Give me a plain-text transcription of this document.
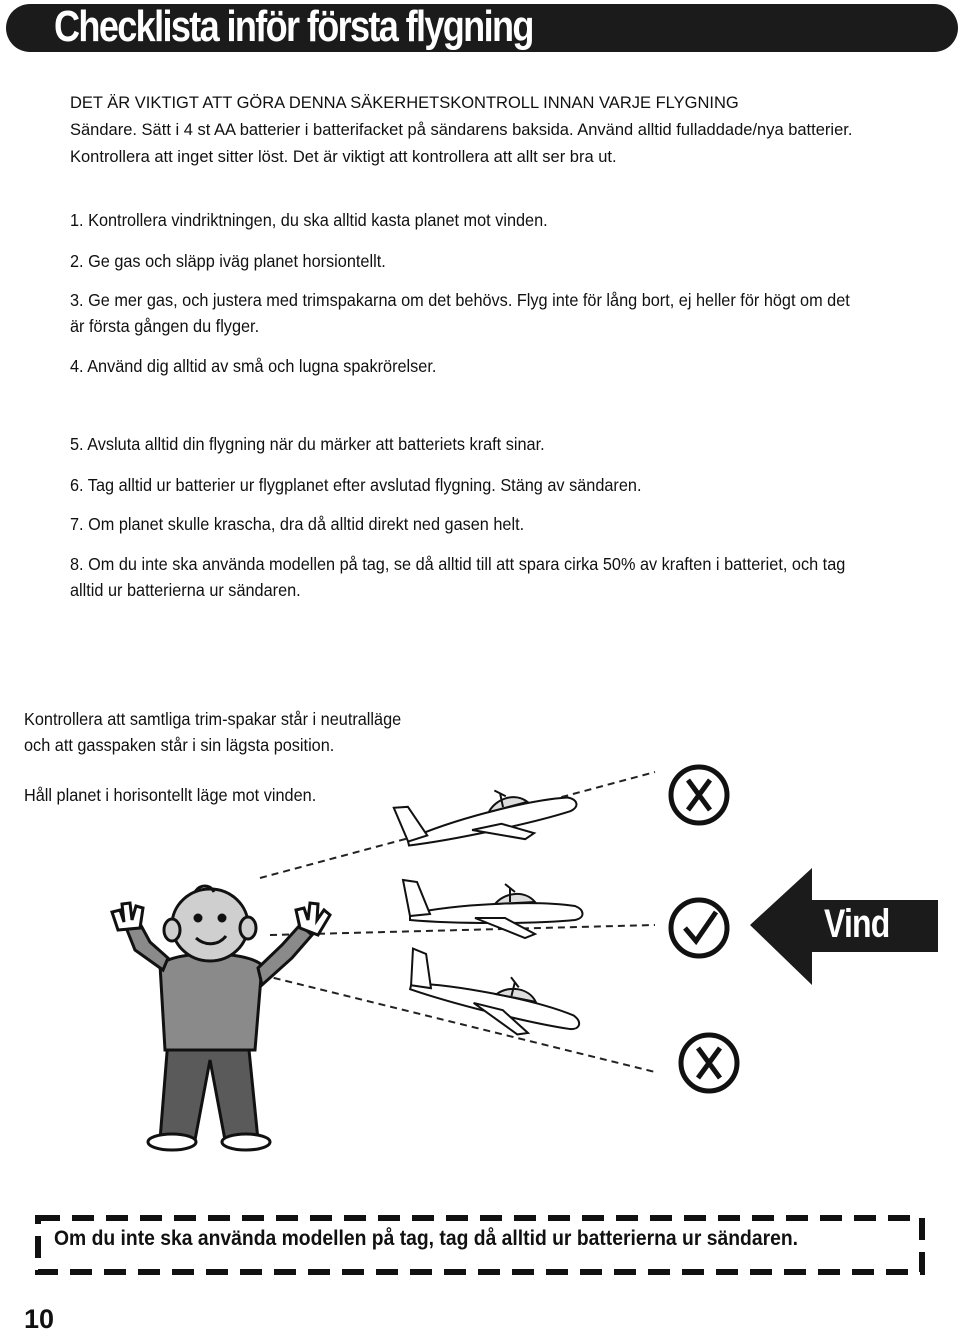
Checklista inför första flygning
DET ÄR VIKTIGT ATT GÖRA DENNA SÄKERHETSKONTROLL INNAN VARJE FLYGNING
Sändare. Sätt i 4 st AA batterier i batterifacket på sändarens baksida. Använd alltid fulladdade/nya batterier.
Kontrollera att inget sitter löst. Det är viktigt att kontrollera att allt ser bra ut.
1. Kontrollera vindriktningen, du ska alltid kasta planet mot vinden.
2. Ge gas och släpp iväg planet horsiontellt.
3. Ge mer gas, och justera med trimspakarna om det behövs. Flyg inte för lång bort, ej heller för högt om det är första gången du flyger.
4. Använd dig alltid av små och lugna spakrörelser.
5. Avsluta alltid din flygning när du märker att batteriets kraft sinar.
6. Tag alltid ur batterier ur flygplanet efter avslutad flygning. Stäng av sändaren.
7. Om planet skulle krascha, dra då alltid direkt ned gasen helt.
8. Om du inte ska använda modellen på tag, se då alltid till att spara cirka 50% av kraften i batteriet, och tag alltid ur batterierna ur sändaren.
Kontrollera att samtliga trim-spakar står i neutralläge
och att gasspaken står i sin lägsta position.
Håll planet i horisontellt läge mot vinden.
Vind
Om du inte ska använda modellen på tag, tag då alltid ur batterierna ur sändaren.
10
